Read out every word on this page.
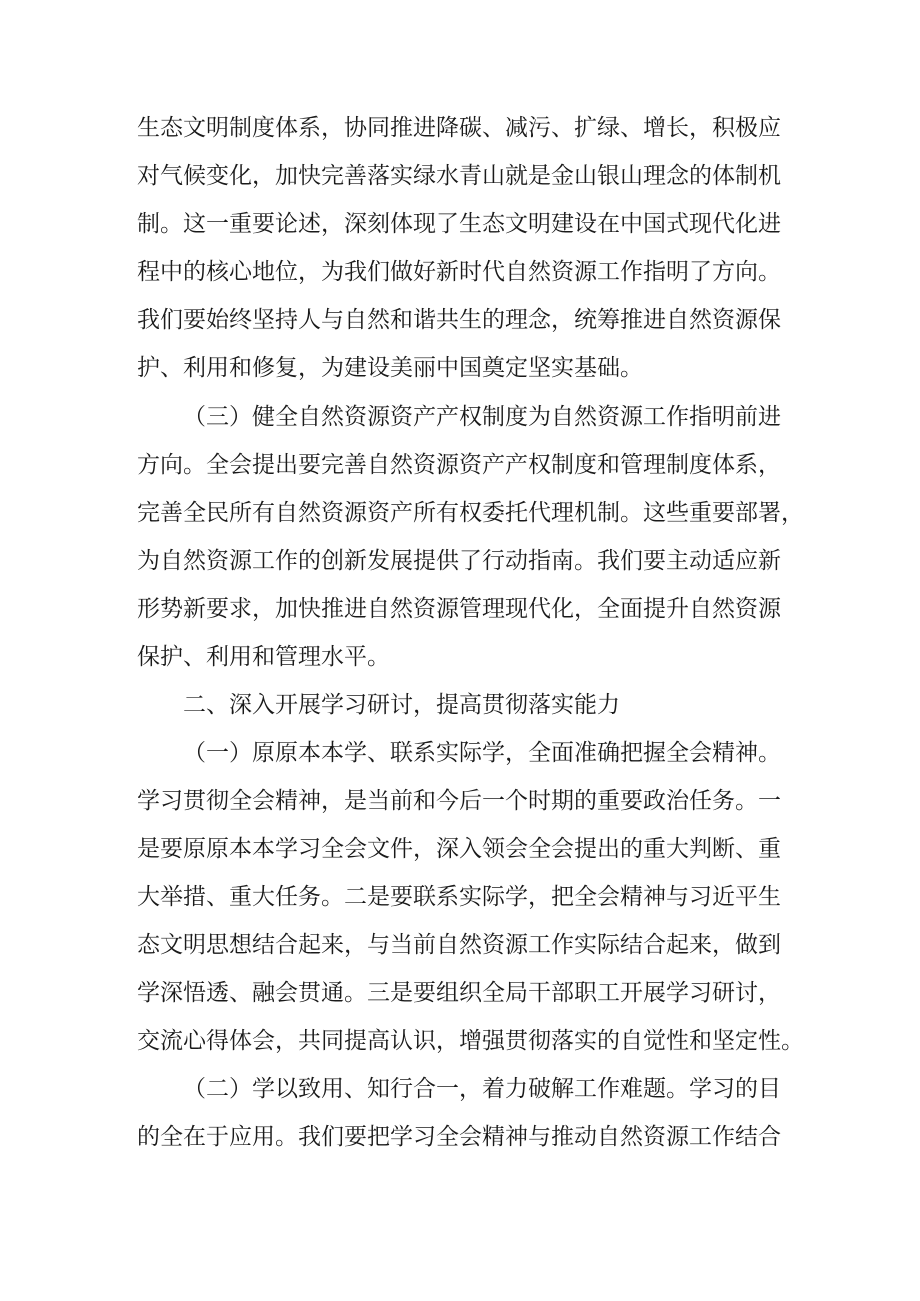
生态文明制度体系，协同推进降碳、减污、扩绿、增长，积极应
对气候变化，加快完善落实绿水青山就是金山银山理念的体制机
制。这一重要论述，深刻体现了生态文明建设在中国式现代化进
程中的核心地位，为我们做好新时代自然资源工作指明了方向。
我们要始终坚持人与自然和谐共生的理念，统筹推进自然资源保
护、利用和修复，为建设美丽中国奠定坚实基础。
（三）健全自然资源资产产权制度为自然资源工作指明前进
方向。全会提出要完善自然资源资产产权制度和管理制度体系，
完善全民所有自然资源资产所有权委托代理机制。这些重要部署，
为自然资源工作的创新发展提供了行动指南。我们要主动适应新
形势新要求，加快推进自然资源管理现代化，全面提升自然资源
保护、利用和管理水平。
二、深入开展学习研讨，提高贯彻落实能力
（一）原原本本学、联系实际学，全面准确把握全会精神。
学习贯彻全会精神，是当前和今后一个时期的重要政治任务。一
是要原原本本学习全会文件，深入领会全会提出的重大判断、重
大举措、重大任务。二是要联系实际学，把全会精神与习近平生
态文明思想结合起来，与当前自然资源工作实际结合起来，做到
学深悟透、融会贯通。三是要组织全局干部职工开展学习研讨，
交流心得体会，共同提高认识，增强贯彻落实的自觉性和坚定性。
（二）学以致用、知行合一，着力破解工作难题。学习的目
的全在于应用。我们要把学习全会精神与推动自然资源工作结合
